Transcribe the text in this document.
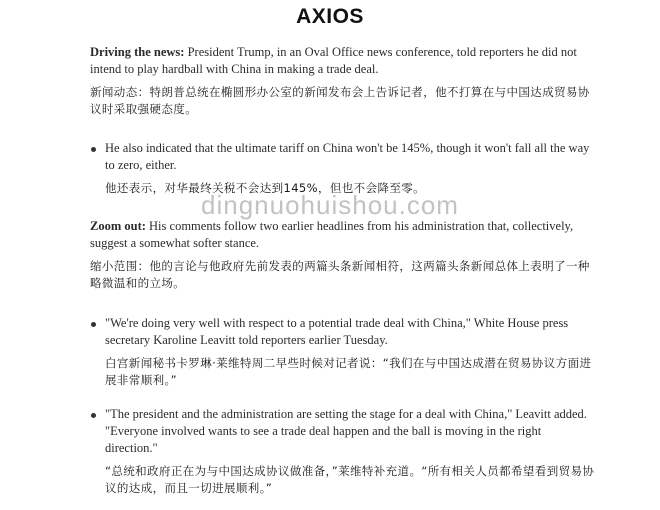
AXIOS

Driving the news: President Trump, in an Oval Office news conference, told reporters he did not intend to play hardball with China in making a trade deal.

新闻动态：特朗普总统在椭圆形办公室的新闻发布会上告诉记者，他不打算在与中国达成贸易协议时采取强硬态度。

He also indicated that the ultimate tariff on China won't be 145%, though it won't fall all the way to zero, either.

他还表示，对华最终关税不会达到145%，但也不会降至零。

Zoom out: His comments follow two earlier headlines from his administration that, collectively, suggest a somewhat softer stance.

缩小范围：他的言论与他政府先前发表的两篇头条新闻相符，这两篇头条新闻总体上表明了一种略微温和的立场。

"We're doing very well with respect to a potential trade deal with China," White House press secretary Karoline Leavitt told reporters earlier Tuesday.

白宫新闻秘书卡罗琳·莱维特周二早些时候对记者说：“我们在与中国达成潜在贸易协议方面进展非常顺利。”

"The president and the administration are setting the stage for a deal with China," Leavitt added. "Everyone involved wants to see a trade deal happen and the ball is moving in the right direction."

“总统和政府正在为与中国达成协议做准备，”莱维特补充道。“所有相关人员都希望看到贸易协议的达成，而且一切进展顺利。”

dingnuohuishou.com
